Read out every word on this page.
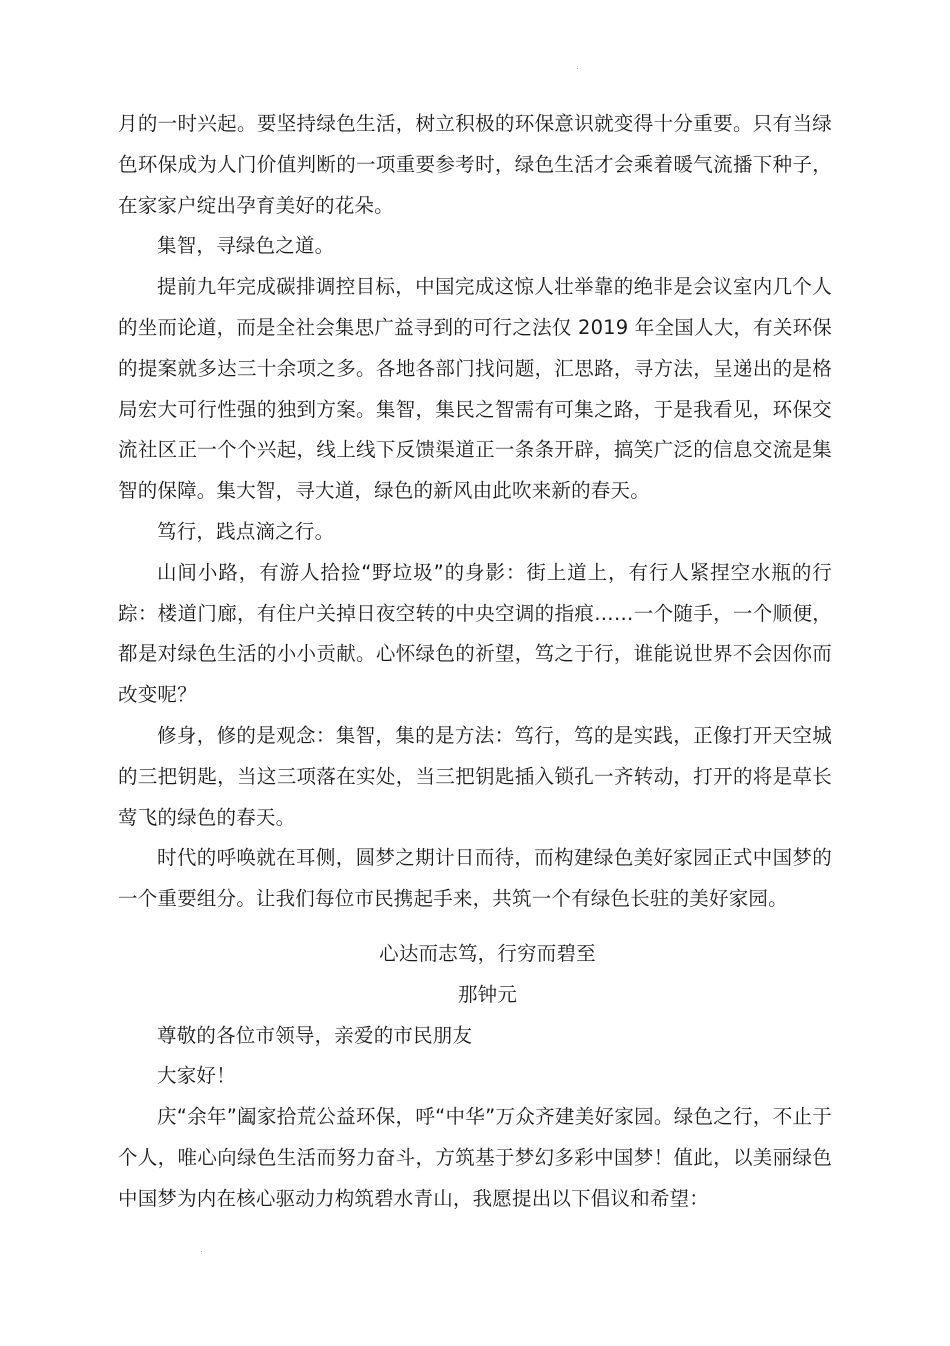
月的一时兴起。要坚持绿色生活，树立积极的环保意识就变得十分重要。只有当绿色环保成为人门价值判断的一项重要参考时，绿色生活才会乘着暖气流播下种子，在家家户绽出孕育美好的花朵。

集智，寻绿色之道。

提前九年完成碳排调控目标，中国完成这惊人壮举靠的绝非是会议室内几个人的坐而论道，而是全社会集思广益寻到的可行之法仅 2019 年全国人大，有关环保的提案就多达三十余项之多。各地各部门找问题，汇思路，寻方法，呈递出的是格局宏大可行性强的独到方案。集智，集民之智需有可集之路，于是我看见，环保交流社区正一个个兴起，线上线下反馈渠道正一条条开辟，搞笑广泛的信息交流是集智的保障。集大智，寻大道，绿色的新风由此吹来新的春天。

笃行，践点滴之行。

山间小路，有游人拾捡“野垃圾”的身影：街上道上，有行人紧捏空水瓶的行踪：楼道门廊，有住户关掉日夜空转的中央空调的指痕……一个随手，一个顺便，都是对绿色生活的小小贡献。心怀绿色的祈望，笃之于行，谁能说世界不会因你而改变呢？

修身，修的是观念：集智，集的是方法：笃行，笃的是实践，正像打开天空城的三把钥匙，当这三项落在实处，当三把钥匙插入锁孔一齐转动，打开的将是草长莺飞的绿色的春天。

时代的呼唤就在耳侧，圆梦之期计日而待，而构建绿色美好家园正式中国梦的一个重要组分。让我们每位市民携起手来，共筑一个有绿色长驻的美好家园。

心达而志笃，行穷而碧至

那钟元

尊敬的各位市领导，亲爱的市民朋友

大家好！

庆“余年”阖家拾荒公益环保，呼“中华”万众齐建美好家园。绿色之行，不止于个人，唯心向绿色生活而努力奋斗，方筑基于梦幻多彩中国梦！值此，以美丽绿色中国梦为内在核心驱动力构筑碧水青山，我愿提出以下倡议和希望：
